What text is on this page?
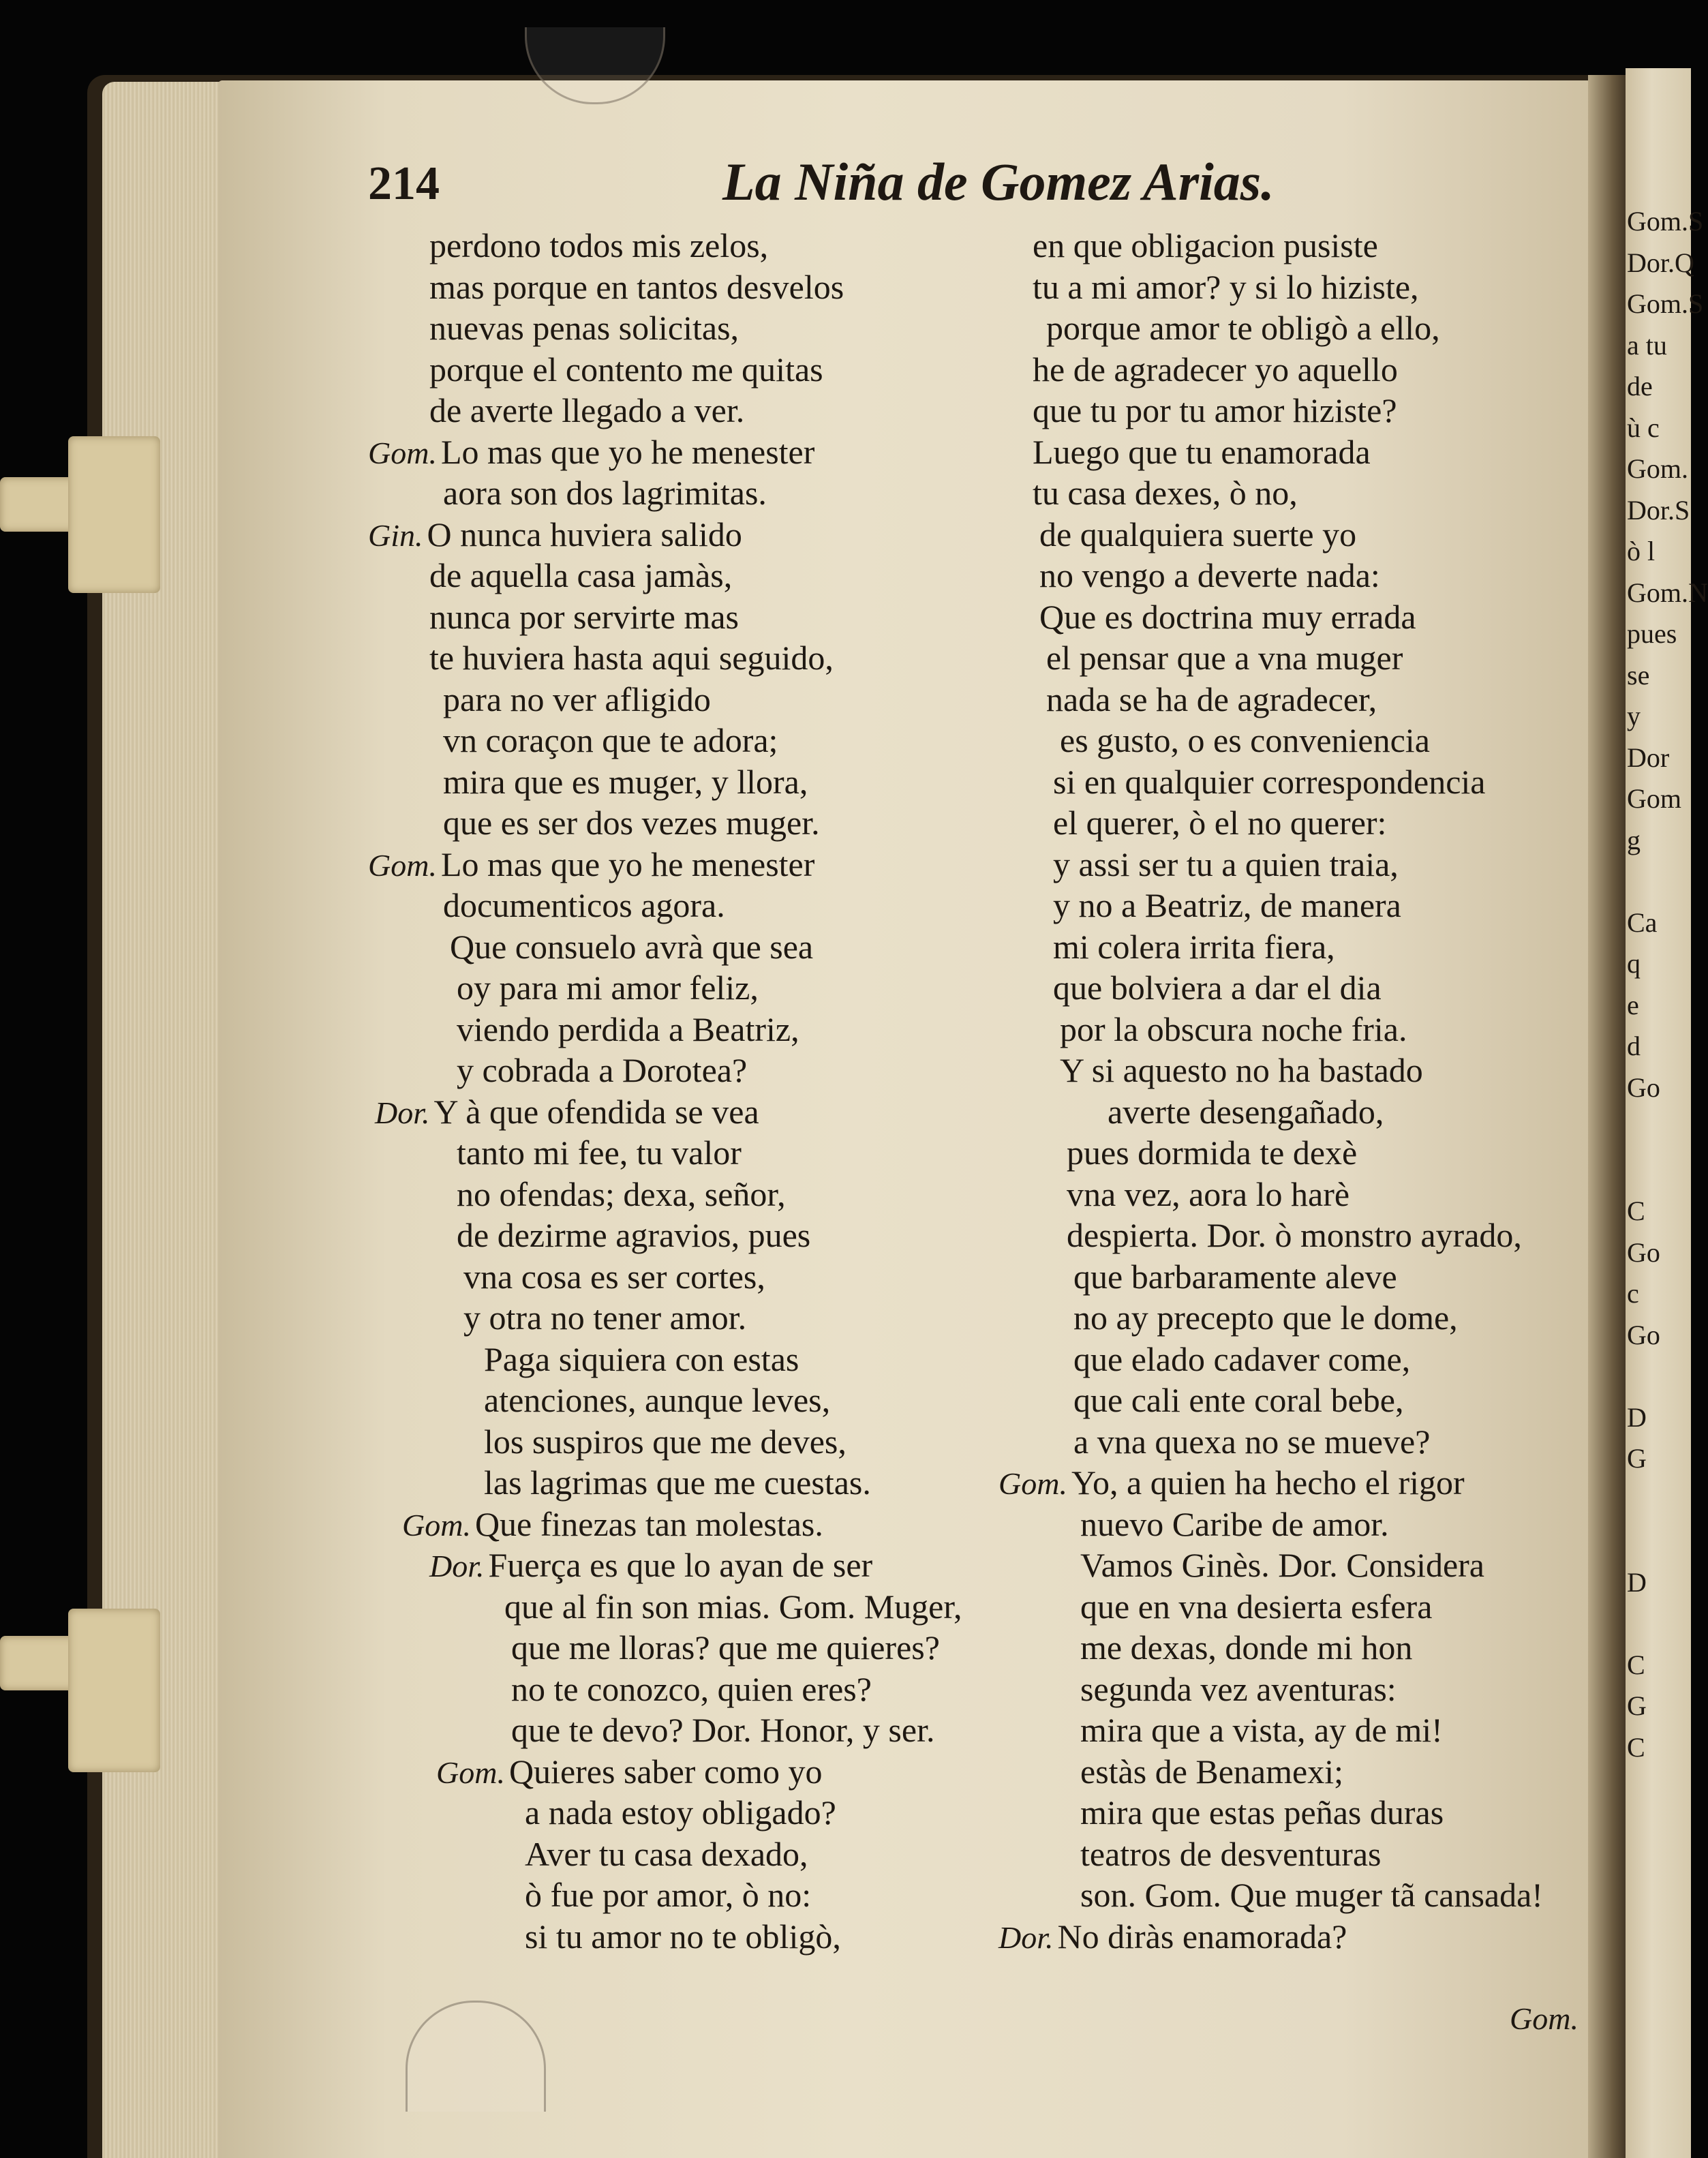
Gom.S
Dor.Q
Gom.S
a tu
de
ù c
Gom.
Dor.S
ò l
Gom.N
pues
se
y
Dor
Gom
g
Ca
q
e
d
Go
C
Go
c
Go
D
G
D
C
G
C
214	La Niña de Gomez Arias.
perdono todos mis zelos,
mas porque en tantos desvelos
nuevas penas solicitas,
porque el contento me quitas
de averte llegado a ver.
Gom. Lo mas que yo he menester
aora son dos lagrimitas.
Gin. O nunca huviera salido
de aquella casa jamàs,
nunca por servirte mas
te huviera hasta aqui seguido,
para no ver afligido
vn coraçon que te adora;
mira que es muger, y llora,
que es ser dos vezes muger.
Gom. Lo mas que yo he menester
documenticos agora.
Que consuelo avrà que sea
oy para mi amor feliz,
viendo perdida a Beatriz,
y cobrada a Dorotea?
Dor. Y à que ofendida se vea
tanto mi fee, tu valor
no ofendas; dexa, señor,
de dezirme agravios, pues
vna cosa es ser cortes,
y otra no tener amor.
Paga siquiera con estas
atenciones, aunque leves,
los suspiros que me deves,
las lagrimas que me cuestas.
Gom. Que finezas tan molestas.
Dor. Fuerça es que lo ayan de ser
que al fin son mias. Gom. Muger,
que me lloras? que me quieres?
no te conozco, quien eres?
que te devo? Dor. Honor, y ser.
Gom. Quieres saber como yo
a nada estoy obligado?
Aver tu casa dexado,
ò fue por amor, ò no:
si tu amor no te obligò,
en que obligacion pusiste
tu a mi amor? y si lo hiziste,
porque amor te obligò a ello,
he de agradecer yo aquello
que tu por tu amor hiziste?
Luego que tu enamorada
tu casa dexes, ò no,
de qualquiera suerte yo
no vengo a deverte nada:
Que es doctrina muy errada
el pensar que a vna muger
nada se ha de agradecer,
es gusto, o es conveniencia
si en qualquier correspondencia
el querer, ò el no querer:
y assi ser tu a quien traia,
y no a Beatriz, de manera
mi colera irrita fiera,
que bolviera a dar el dia
por la obscura noche fria.
Y si aquesto no ha bastado
averte desengañado,
pues dormida te dexè
vna vez, aora lo harè
despierta. Dor. ò monstro ayrado,
que barbaramente aleve
no ay precepto que le dome,
que elado cadaver come,
que cali ente coral bebe,
a vna quexa no se mueve?
Gom. Yo, a quien ha hecho el rigor
nuevo Caribe de amor.
Vamos Ginès. Dor. Considera
que en vna desierta esfera
me dexas, donde mi hon
segunda vez aventuras:
mira que a vista, ay de mi!
estàs de Benamexi;
mira que estas peñas duras
teatros de desventuras
son. Gom. Que muger tã cansada!
Dor. No diràs enamorada?
Gom.
